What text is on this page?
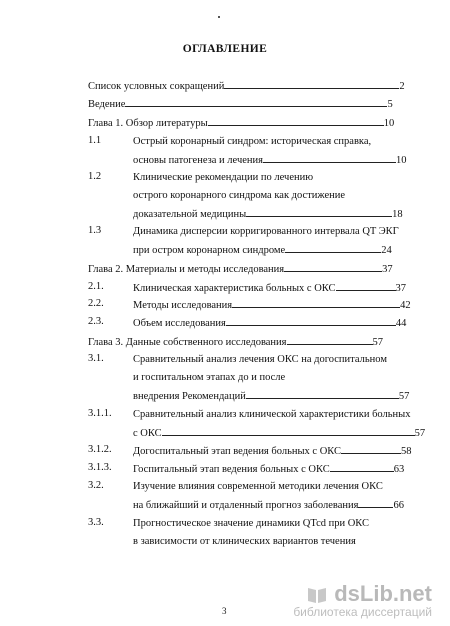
ОГЛАВЛЕНИЕ
Список условных сокращений	2
Ведение	5
Глава 1. Обзор литературы	10
1.1	Острый коронарный синдром: историческая справка,
основы патогенеза и лечения	10
1.2	Клинические рекомендации по лечению
острого коронарного синдрома как достижение
доказательной медицины	18
1.3	Динамика дисперсии корригированного интервала QT ЭКГ
при остром коронарном синдроме	24
Глава 2. Материалы и методы исследования	37
2.1.	Клиническая характеристика больных с ОКС	37
2.2.	Методы исследования	42
2.3.	Объем исследования	44
Глава 3. Данные собственного исследования	57
3.1.	Сравнительный анализ лечения ОКС на догоспитальном
и госпитальном этапах до и после
внедрения Рекомендаций	57
3.1.1. Сравнительный анализ клинической характеристики больных
с ОКС	57
3.1.2. Догоспитальный этап ведения больных с ОКС	58
3.1.3. Госпитальный этап ведения больных с ОКС	63
3.2.	Изучение влияния современной методики лечения ОКС
на ближайший и отдаленный прогноз заболевания	66
3.3.	Прогностическое значение динамики QTcd при ОКС
в зависимости от клинических вариантов течения
dsLib.net
библиотека диссертаций
3
